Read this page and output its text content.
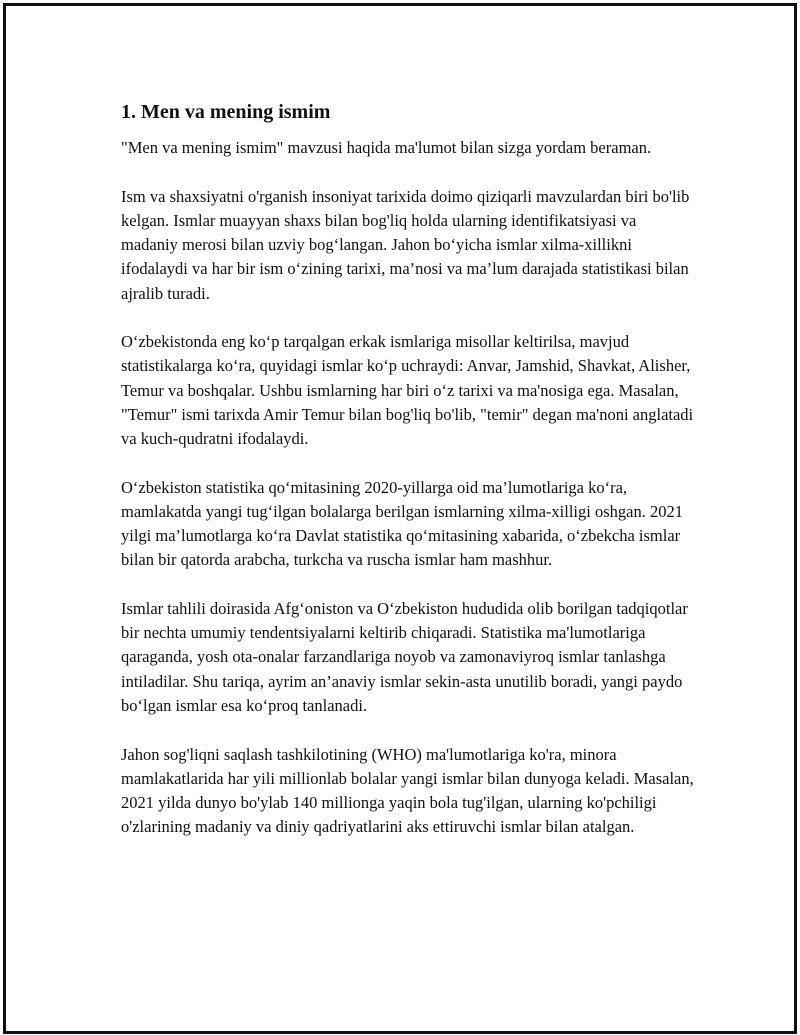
1. Men va mening ismim

"Men va mening ismim" mavzusi haqida ma'lumot bilan sizga yordam beraman.

Ism va shaxsiyatni o'rganish insoniyat tarixida doimo qiziqarli mavzulardan biri bo'lib kelgan. Ismlar muayyan shaxs bilan bog'liq holda ularning identifikatsiyasi va madaniy merosi bilan uzviy bog‘langan. Jahon bo‘yicha ismlar xilma-xillikni ifodalaydi va har bir ism o‘zining tarixi, ma’nosi va ma’lum darajada statistikasi bilan ajralib turadi.

O‘zbekistonda eng ko‘p tarqalgan erkak ismlariga misollar keltirilsa, mavjud statistikalarga ko‘ra, quyidagi ismlar ko‘p uchraydi: Anvar, Jamshid, Shavkat, Alisher, Temur va boshqalar. Ushbu ismlarning har biri o‘z tarixi va ma'nosiga ega. Masalan, "Temur" ismi tarixda Amir Temur bilan bog'liq bo'lib, "temir" degan ma'noni anglatadi va kuch-qudratni ifodalaydi.

O‘zbekiston statistika qo‘mitasining 2020-yillarga oid ma’lumotlariga ko‘ra, mamlakatda yangi tug‘ilgan bolalarga berilgan ismlarning xilma-xilligi oshgan. 2021 yilgi ma’lumotlarga ko‘ra Davlat statistika qo‘mitasining xabarida, o‘zbekcha ismlar bilan bir qatorda arabcha, turkcha va ruscha ismlar ham mashhur.

Ismlar tahlili doirasida Afg‘oniston va O‘zbekiston hududida olib borilgan tadqiqotlar bir nechta umumiy tendentsiyalarni keltirib chiqaradi. Statistika ma'lumotlariga qaraganda, yosh ota-onalar farzandlariga noyob va zamonaviyroq ismlar tanlashga intiladilar. Shu tariqa, ayrim an’anaviy ismlar sekin-asta unutilib boradi, yangi paydo bo‘lgan ismlar esa ko‘proq tanlanadi.

Jahon sog'liqni saqlash tashkilotining (WHO) ma'lumotlariga ko'ra, minora mamlakatlarida har yili millionlab bolalar yangi ismlar bilan dunyoga keladi. Masalan, 2021 yilda dunyo bo'ylab 140 millionga yaqin bola tug'ilgan, ularning ko'pchiligi o'zlarining madaniy va diniy qadriyatlarini aks ettiruvchi ismlar bilan atalgan.
